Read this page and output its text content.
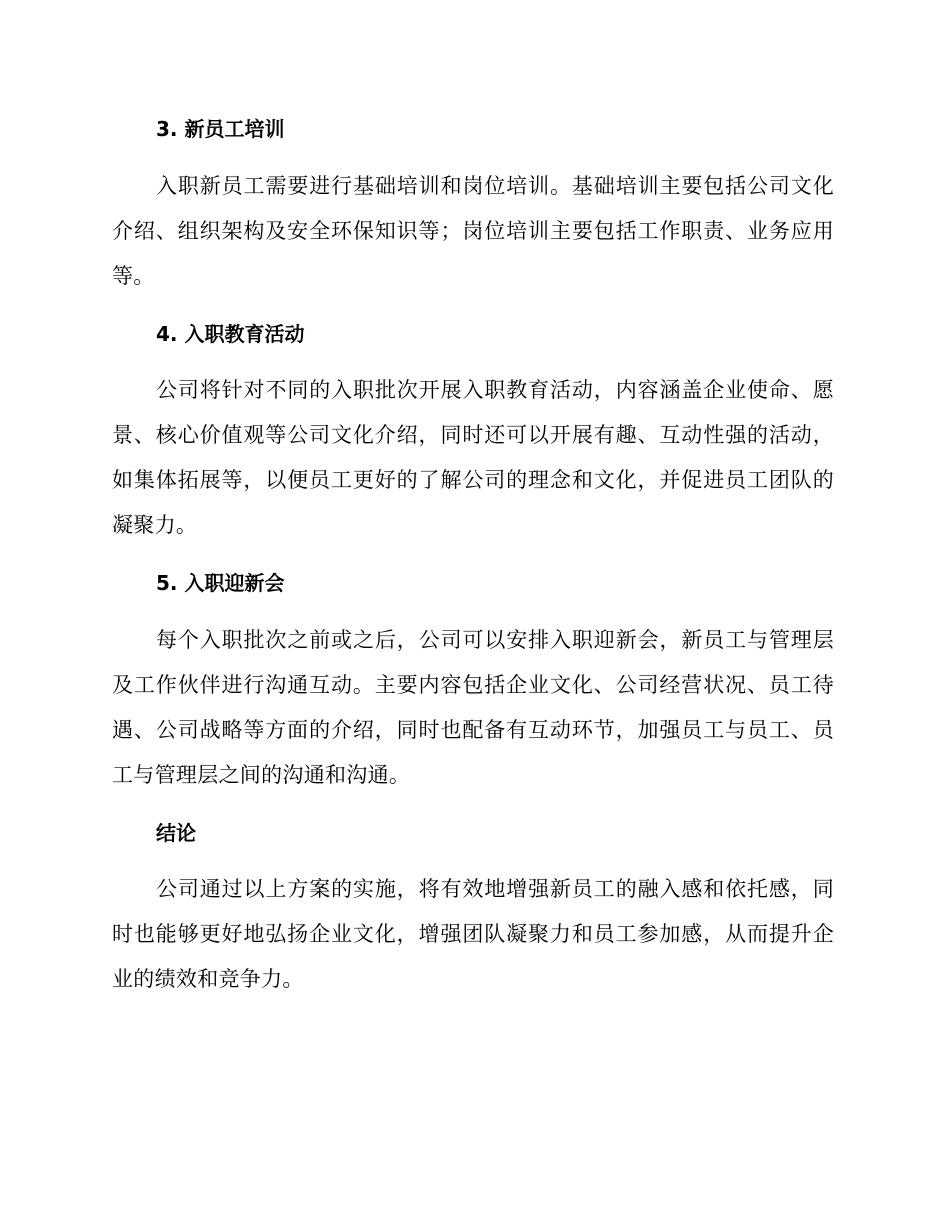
3. 新员工培训

入职新员工需要进行基础培训和岗位培训。基础培训主要包括公司文化介绍、组织架构及安全环保知识等；岗位培训主要包括工作职责、业务应用等。

4. 入职教育活动

公司将针对不同的入职批次开展入职教育活动，内容涵盖企业使命、愿景、核心价值观等公司文化介绍，同时还可以开展有趣、互动性强的活动，如集体拓展等，以便员工更好的了解公司的理念和文化，并促进员工团队的凝聚力。

5. 入职迎新会

每个入职批次之前或之后，公司可以安排入职迎新会，新员工与管理层及工作伙伴进行沟通互动。主要内容包括企业文化、公司经营状况、员工待遇、公司战略等方面的介绍，同时也配备有互动环节，加强员工与员工、员工与管理层之间的沟通和沟通。

结论

公司通过以上方案的实施，将有效地增强新员工的融入感和依托感，同时也能够更好地弘扬企业文化，增强团队凝聚力和员工参加感，从而提升企业的绩效和竞争力。
